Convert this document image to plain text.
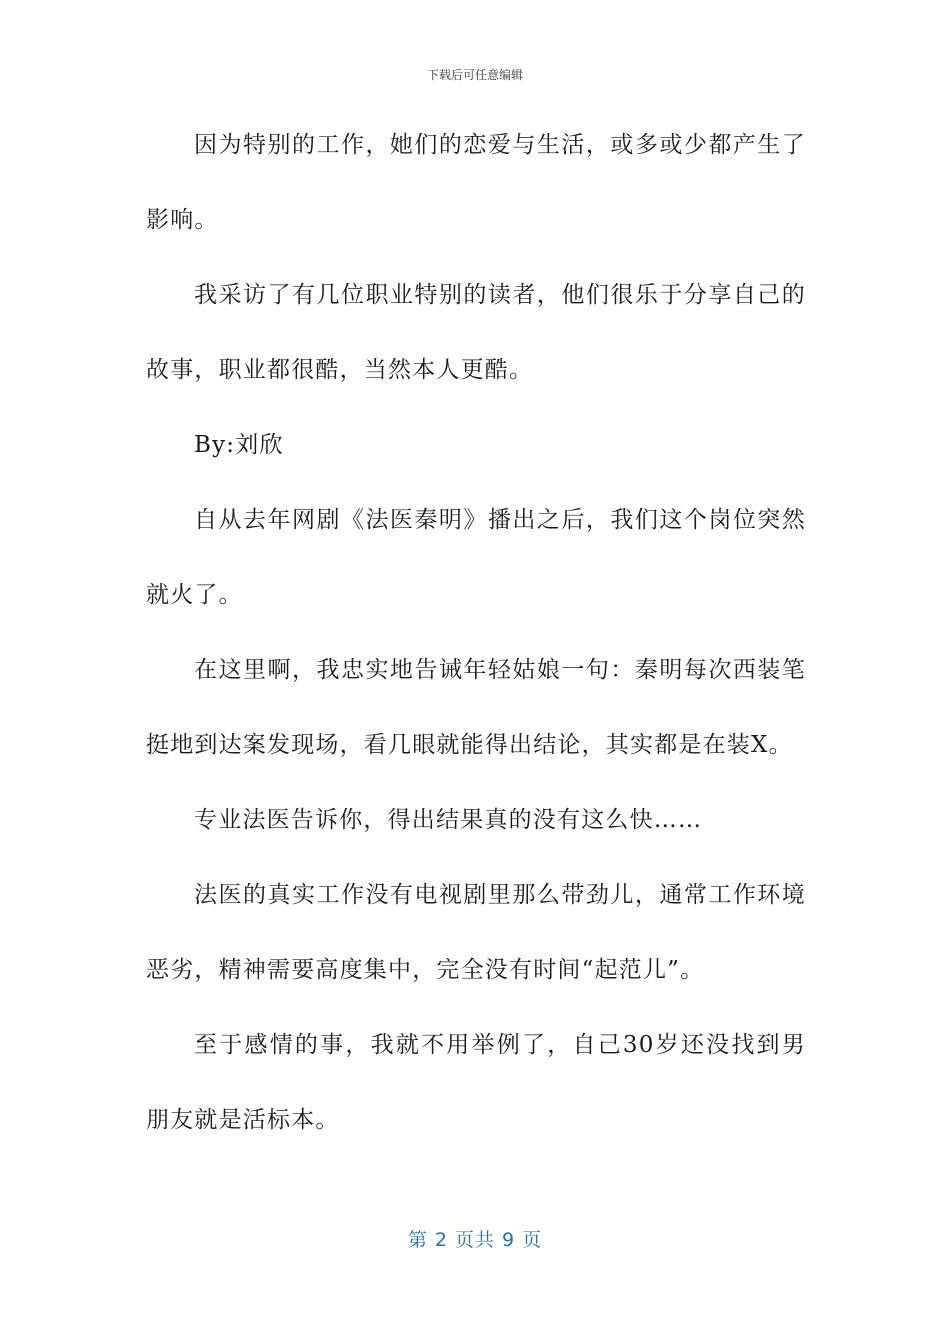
下载后可任意编辑

因为特别的工作，她们的恋爱与生活，或多或少都产生了影响。

我采访了有几位职业特别的读者，他们很乐于分享自己的故事，职业都很酷，当然本人更酷。

By:刘欣

自从去年网剧《法医秦明》播出之后，我们这个岗位突然就火了。

在这里啊，我忠实地告诫年轻姑娘一句：秦明每次西装笔挺地到达案发现场，看几眼就能得出结论，其实都是在装X。

专业法医告诉你，得出结果真的没有这么快……

法医的真实工作没有电视剧里那么带劲儿，通常工作环境恶劣，精神需要高度集中，完全没有时间“起范儿”。

至于感情的事，我就不用举例了，自己30岁还没找到男朋友就是活标本。

第 2 页共 9 页
